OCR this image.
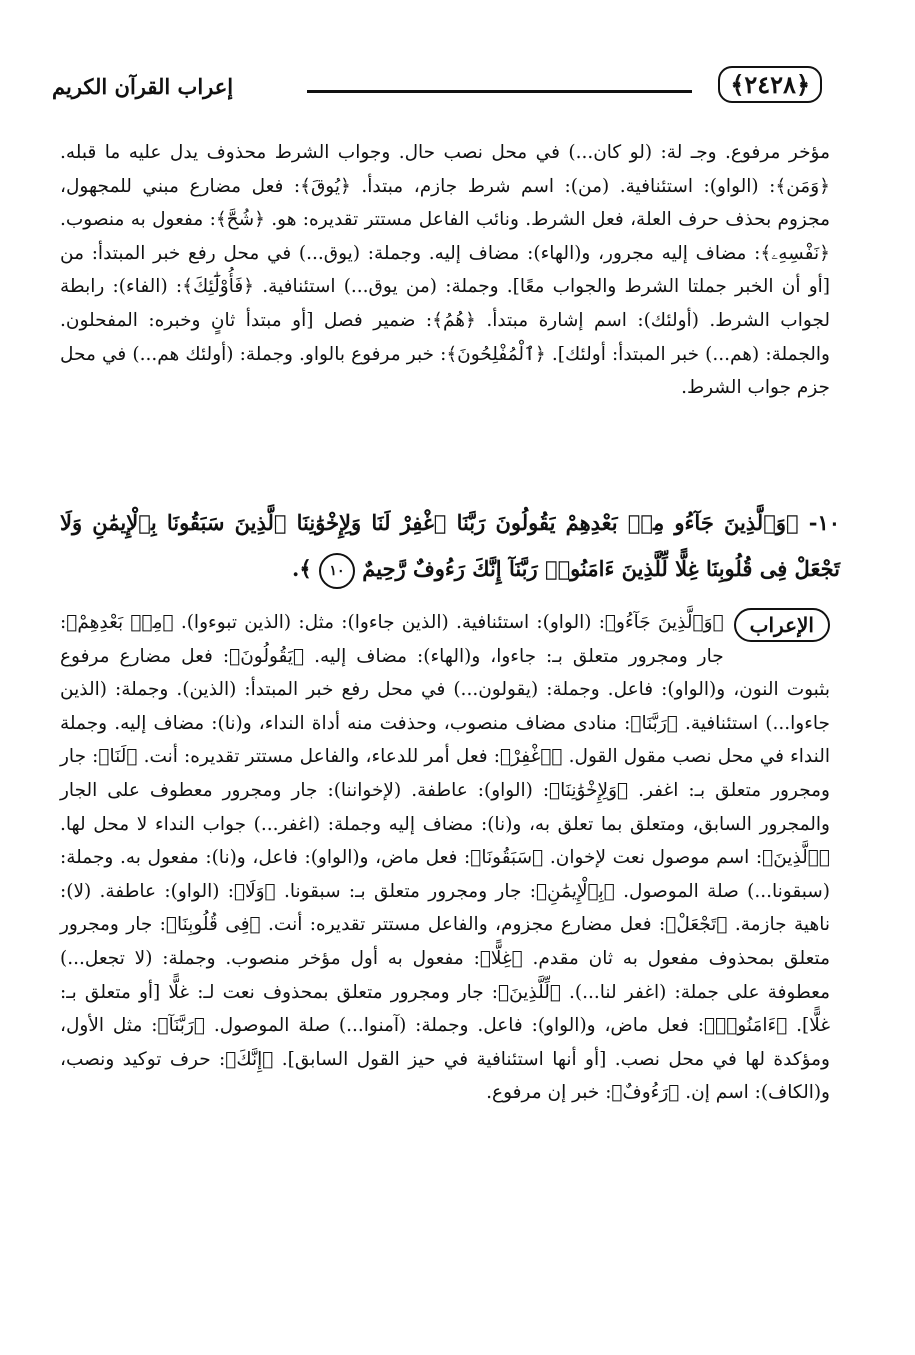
﴿٢٤٢٨﴾
إعراب القرآن الكريم
مؤخر مرفوع. وجـ لة: (لو كان...) في محل نصب حال. وجواب الشرط محذوف يدل عليه ما قبله. ﴿وَمَن﴾: (الواو): استئنافية. (من): اسم شرط جازم، مبتدأ. ﴿يُوقَ﴾: فعل مضارع مبني للمجهول، مجزوم بحذف حرف العلة، فعل الشرط. ونائب الفاعل مستتر تقديره: هو. ﴿شُحَّ﴾: مفعول به منصوب. ﴿نَفْسِهِۦ﴾: مضاف إليه مجرور، و(الهاء): مضاف إليه. وجملة: (يوق...) في محل رفع خبر المبتدأ: من [أو أن الخبر جملتا الشرط والجواب معًا]. وجملة: (من يوق...) استئنافية. ﴿فَأُوْلَٰٓئِكَ﴾: (الفاء): رابطة لجواب الشرط. (أولئك): اسم إشارة مبتدأ. ﴿هُمُ﴾: ضمير فصل [أو مبتدأ ثانٍ وخبره: المفحلون. والجملة: (هم...) خبر المبتدأ: أولئك]. ﴿ٱلْمُفْلِحُونَ﴾: خبر مرفوع بالواو. وجملة: (أولئك هم...) في محل جزم جواب الشرط.
١٠- ﴿وَٱلَّذِينَ جَآءُو مِنۢ بَعْدِهِمْ يَقُولُونَ رَبَّنَا ٱغْفِرْ لَنَا وَلِإِخْوَٰنِنَا ٱلَّذِينَ سَبَقُونَا بِٱلْإِيمَٰنِ وَلَا تَجْعَلْ فِى قُلُوبِنَا غِلًّا لِّلَّذِينَ ءَامَنُوا۟ رَبَّنَآ إِنَّكَ رَءُوفٌ رَّحِيمٌ ١٠ ﴾.
الإعراب
﴿وَٱلَّذِينَ جَآءُو﴾: (الواو): استئنافية. (الذين جاءوا): مثل: (الذين تبوءوا). ﴿مِنۢ بَعْدِهِمْ﴾: جار ومجرور متعلق بـ: جاءوا، و(الهاء): مضاف إليه. ﴿يَقُولُونَ﴾: فعل مضارع مرفوع بثبوت النون، و(الواو): فاعل. وجملة: (يقولون...) في محل رفع خبر المبتدأ: (الذين). وجملة: (الذين جاءوا...) استئنافية. ﴿رَبَّنَا﴾: منادى مضاف منصوب، وحذفت منه أداة النداء، و(نا): مضاف إليه. وجملة النداء في محل نصب مقول القول. ﴿ٱغْفِرْ﴾: فعل أمر للدعاء، والفاعل مستتر تقديره: أنت. ﴿لَنَا﴾: جار ومجرور متعلق بـ: اغفر. ﴿وَلِإِخْوَٰنِنَا﴾: (الواو): عاطفة. (لإخواننا): جار ومجرور معطوف على الجار والمجرور السابق، ومتعلق بما تعلق به، و(نا): مضاف إليه وجملة: (اغفر...) جواب النداء لا محل لها. ﴿ٱلَّذِينَ﴾: اسم موصول نعت لإخوان. ﴿سَبَقُونَا﴾: فعل ماض، و(الواو): فاعل، و(نا): مفعول به. وجملة: (سبقونا...) صلة الموصول. ﴿بِٱلْإِيمَٰنِ﴾: جار ومجرور متعلق بـ: سبقونا. ﴿وَلَا﴾: (الواو): عاطفة. (لا): ناهية جازمة. ﴿تَجْعَلْ﴾: فعل مضارع مجزوم، والفاعل مستتر تقديره: أنت. ﴿فِى قُلُوبِنَا﴾: جار ومجرور متعلق بمحذوف مفعول به ثان مقدم. ﴿غِلًّا﴾: مفعول به أول مؤخر منصوب. وجملة: (لا تجعل...) معطوفة على جملة: (اغفر لنا...). ﴿لِّلَّذِينَ﴾: جار ومجرور متعلق بمحذوف نعت لـ: غلًّا [أو متعلق بـ: غلًّا]. ﴿ءَامَنُوا۟﴾: فعل ماض، و(الواو): فاعل. وجملة: (آمنوا...) صلة الموصول. ﴿رَبَّنَآ﴾: مثل الأول، ومؤكدة لها في محل نصب. [أو أنها استئنافية في حيز القول السابق]. ﴿إِنَّكَ﴾: حرف توكيد ونصب، و(الكاف): اسم إن. ﴿رَءُوفٌ﴾: خبر إن مرفوع.
